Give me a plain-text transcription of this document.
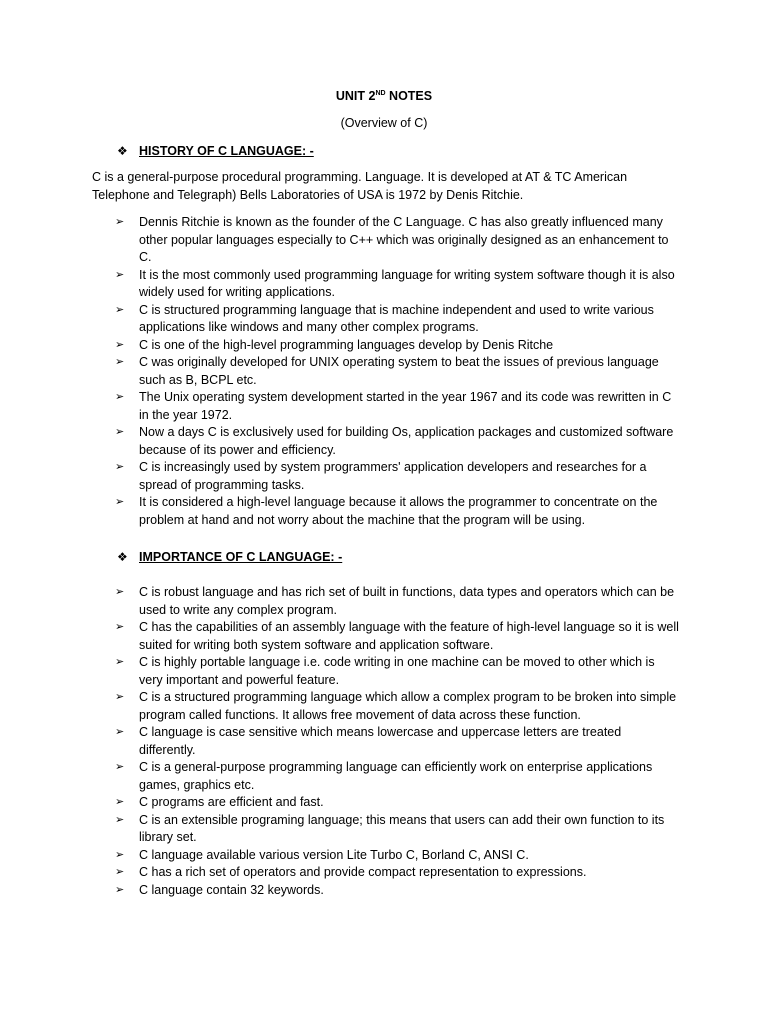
UNIT 2ND NOTES
(Overview of C)
❖ HISTORY OF C LANGUAGE: -
C is a general-purpose procedural programming. Language. It is developed at AT & TC American Telephone and Telegraph) Bells Laboratories of USA is 1972 by Denis Ritchie.
➢ Dennis Ritchie is known as the founder of the C Language. C has also greatly influenced many other popular languages especially to C++ which was originally designed as an enhancement to C.
➢ It is the most commonly used programming language for writing system software though it is also widely used for writing applications.
➢ C is structured programming language that is machine independent and used to write various applications like windows and many other complex programs.
➢ C is one of the high-level programming languages develop by Denis Ritche
➢ C was originally developed for UNIX operating system to beat the issues of previous language such as B, BCPL etc.
➢ The Unix operating system development started in the year 1967 and its code was rewritten in C in the year 1972.
➢ Now a days C is exclusively used for building Os, application packages and customized software because of its power and efficiency.
➢ C is increasingly used by system programmers' application developers and researches for a spread of programming tasks.
➢ It is considered a high-level language because it allows the programmer to concentrate on the problem at hand and not worry about the machine that the program will be using.
❖ IMPORTANCE OF C LANGUAGE: -
➢ C is robust language and has rich set of built in functions, data types and operators which can be used to write any complex program.
➢ C has the capabilities of an assembly language with the feature of high-level language so it is well suited for writing both system software and application software.
➢ C is highly portable language i.e. code writing in one machine can be moved to other which is very important and powerful feature.
➢ C is a structured programming language which allow a complex program to be broken into simple program called functions. It allows free movement of data across these function.
➢ C language is case sensitive which means lowercase and uppercase letters are treated differently.
➢ C is a general-purpose programming language can efficiently work on enterprise applications games, graphics etc.
➢ C programs are efficient and fast.
➢ C is an extensible programing language; this means that users can add their own function to its library set.
➢ C language available various version Lite Turbo C, Borland C, ANSI C.
➢ C has a rich set of operators and provide compact representation to expressions.
➢ C language contain 32 keywords.
